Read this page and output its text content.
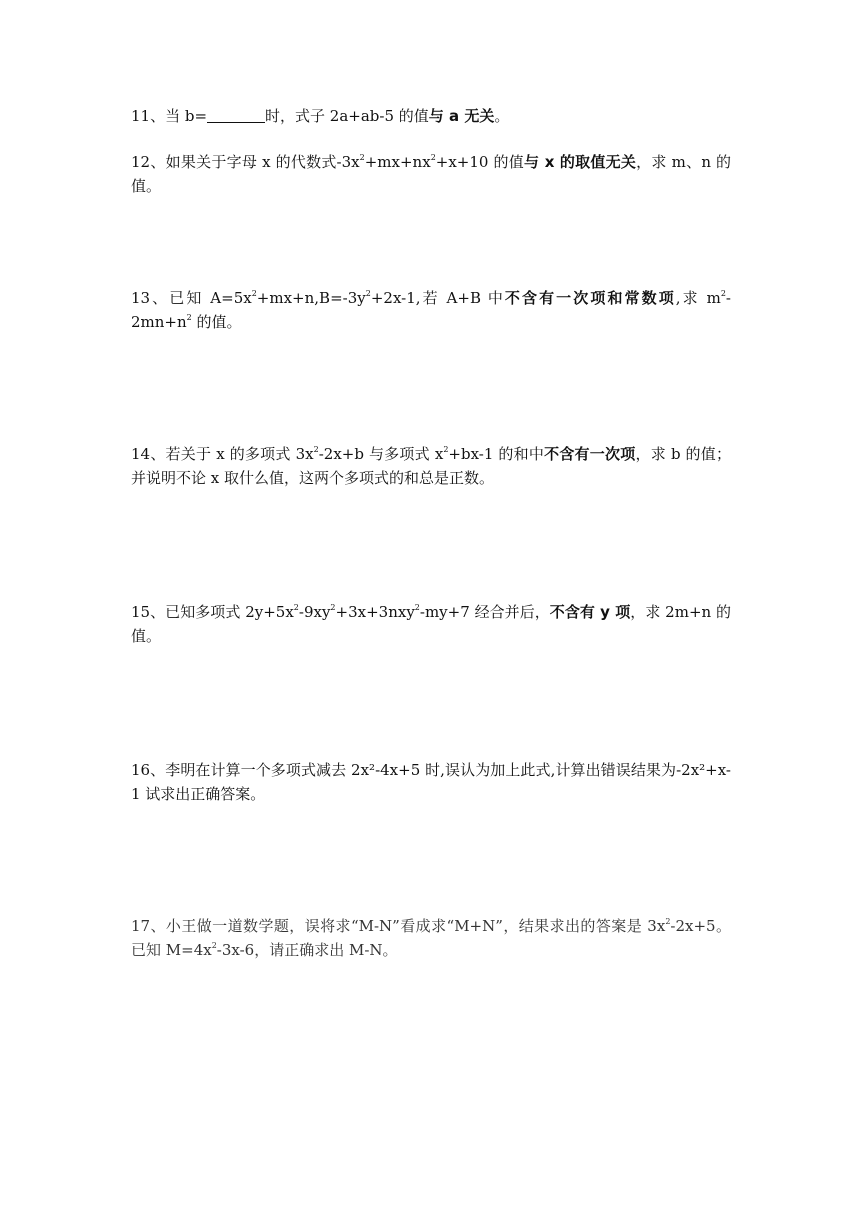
11、当 b=	时，式子 2a+ab-5 的值与 a 无关。
12、如果关于字母 x 的代数式$-3x^2+mx+nx^2+x+10$ 的值与 x 的取值无关，求 m、n 的值。
13、已知 $A=5x^2+mx+n,B=-3y^2+2x-1$,若 A+B 中不含有一次项和常数项,求 $m^2-2mn+n^2$ 的值。
14、若关于 x 的多项式 $3x^2-2x+b$ 与多项式 $x^2+bx-1$ 的和中不含有一次项，求 b 的值；并说明不论 x 取什么值，这两个多项式的和总是正数。
15、已知多项式 $2y+5x^2-9xy^2+3x+3nxy^2-my+7$ 经合并后，不含有 y 项，求 2m+n 的值。
16、李明在计算一个多项式减去 2x²-4x+5 时,误认为加上此式,计算出错误结果为-2x²+x-1 试求出正确答案。
17、小王做一道数学题，误将求“M-N”看成求“M+N”，结果求出的答案是 $3x^2-2x+5$。已知 $M=4x^2-3x-6$，请正确求出 M-N。
